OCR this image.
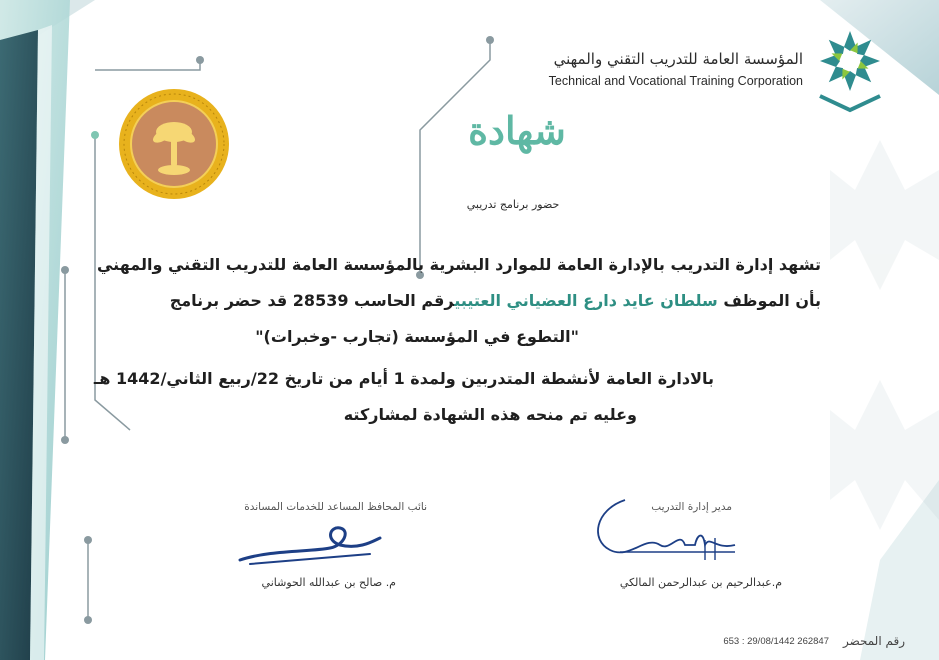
المؤسسة العامة للتدريب التقني والمهني
Technical and Vocational Training Corporation
شهادة
حضور برنامج تدريبي
تشهد إدارة التدريب بالإدارة العامة للموارد البشرية بالمؤسسة العامة للتدريب التقني والمهني
بأن الموظف سلطان عايد دارع العضياني العتيبيرقم الحاسب 28539 قد حضر برنامج
"التطوع في المؤسسة (تجارب -وخبرات)"
بالادارة العامة لأنشطة المتدربين ولمدة 1 أيام من تاريخ 22/ربيع الثاني/1442 هـ
وعليه تم منحه هذه الشهادة لمشاركته
مدير إدارة التدريب
نائب المحافظ المساعد للخدمات المساندة
م.عبدالرحيم بن عبدالرحمن المالكي
م. صالح بن عبدالله الحوشاني
رقم المحضر
653 : 29/08/1442 262847
